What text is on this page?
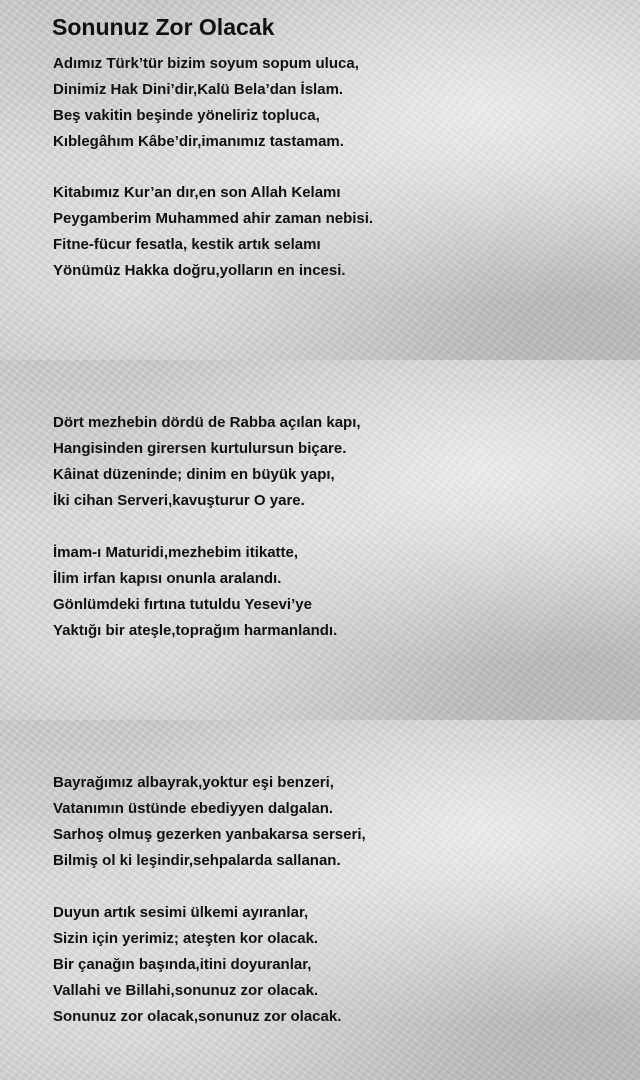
Sonunuz Zor Olacak
Adımız Türk’tür bizim soyum sopum uluca,
Dinimiz Hak Dini’dir,Kalü Bela’dan İslam.
Beş vakitin beşinde yöneliriz topluca,
Kıblegâhım Kâbe’dir,imanımız tastamam.
Kitabımız Kur’an dır,en son Allah Kelamı
Peygamberim Muhammed ahir zaman nebisi.
Fitne-fücur fesatla, kestik artık selamı
Yönümüz Hakka doğru,yolların en incesi.
Dört mezhebin dördü de Rabba açılan kapı,
Hangisinden girersen kurtulursun biçare.
Kâinat düzeninde; dinim en büyük yapı,
İki cihan Serveri,kavuşturur O yare.
İmam-ı Maturidi,mezhebim itikatte,
İlim irfan kapısı onunla aralandı.
Gönlümdeki fırtına tutuldu Yesevi’ye
Yaktığı bir ateşle,toprağım harmanlandı.
Bayrağımız albayrak,yoktur eşi benzeri,
Vatanımın üstünde ebediyyen dalgalan.
Sarhoş olmuş gezerken yanbakarsa serseri,
Bilmiş ol ki leşindir,sehpalarda sallanan.
Duyun artık sesimi ülkemi ayıranlar,
Sizin için yerimiz; ateşten kor olacak.
Bir çanağın başında,itini doyuranlar,
Vallahi ve Billahi,sonunuz zor olacak.
Sonunuz zor olacak,sonunuz zor olacak.
